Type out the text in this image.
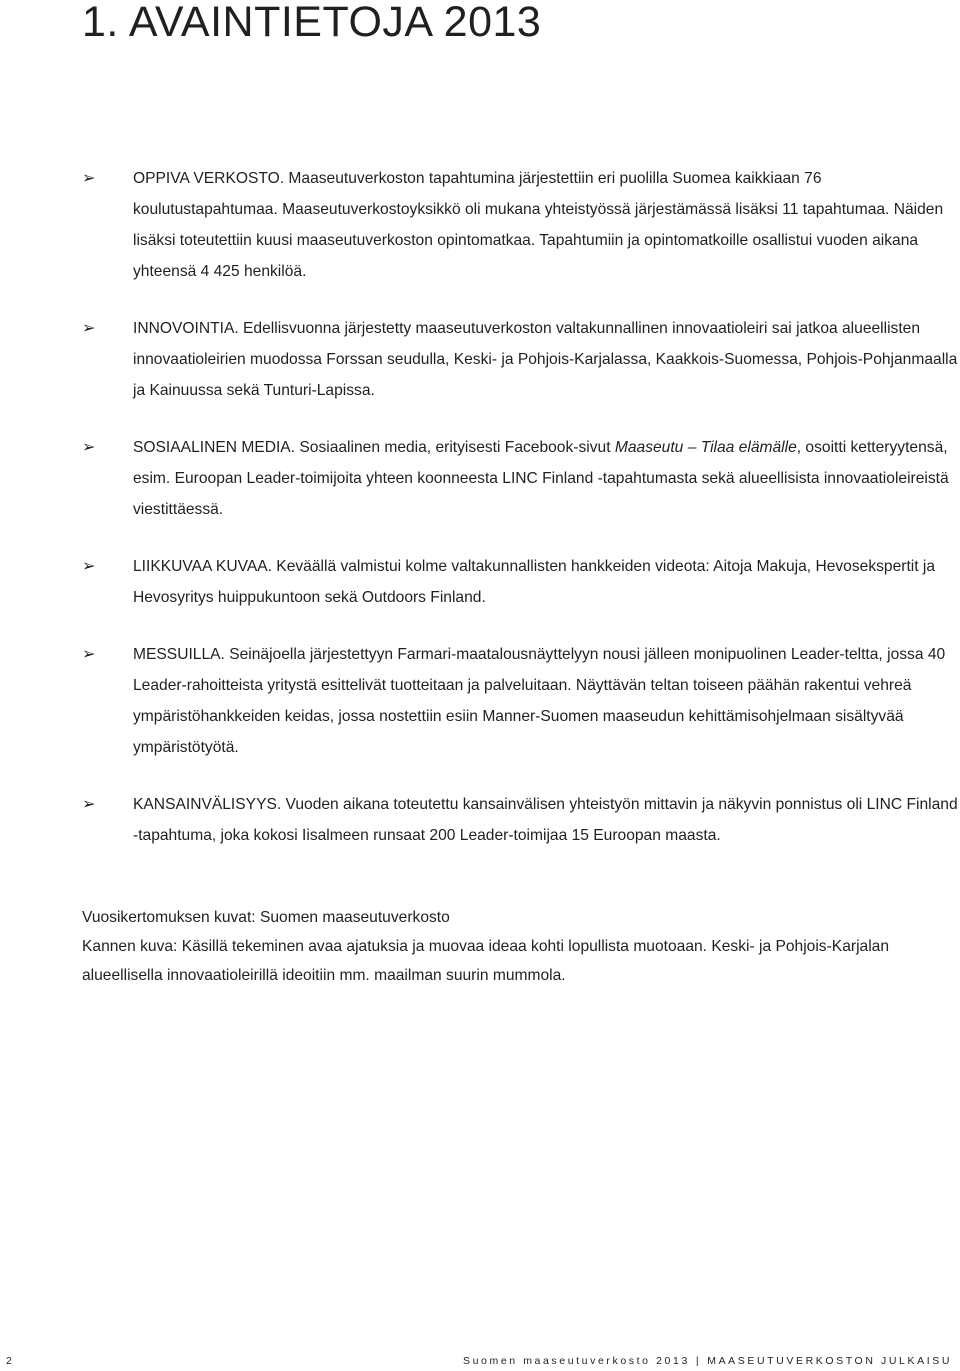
1. AVAINTIETOJA 2013
➢	OPPIVA VERKOSTO. Maaseutuverkoston tapahtumina järjestettiin eri puolilla Suomea kaikkiaan 76 koulutustapahtumaa. Maaseutuverkostoyksikkö oli mukana yhteistyössä järjestämässä lisäksi 11 tapahtumaa. Näiden lisäksi toteutettiin kuusi maaseutuverkoston opintomatkaa. Tapahtumiin ja opintomatkoille osallistui vuoden aikana yhteensä 4 425 henkilöä.
➢	INNOVOINTIA. Edellisvuonna järjestetty maaseutuverkoston valtakunnallinen innovaatioleiri sai jatkoa alueellisten innovaatioleirien muodossa Forssan seudulla, Keski- ja Pohjois-Karjalassa, Kaakkois-Suomessa, Pohjois-Pohjanmaalla ja Kainuussa sekä Tunturi-Lapissa.
➢	SOSIAALINEN MEDIA. Sosiaalinen media, erityisesti Facebook-sivut Maaseutu – Tilaa elämälle, osoitti ketteryytensä, esim. Euroopan Leader-toimijoita yhteen koonneesta LINC Finland -tapahtumasta sekä alueellisista innovaatioleireistä viestittäessä.
➢	LIIKKUVAA KUVAA. Keväällä valmistui kolme valtakunnallisten hankkeiden videota: Aitoja Makuja, Hevosekspertit ja Hevosyritys huippukuntoon sekä Outdoors Finland.
➢	MESSUILLA. Seinäjoella järjestettyyn Farmari-maatalousnäyttelyyn nousi jälleen monipuolinen Leader-teltta, jossa 40 Leader-rahoitteista yritystä esittelivät tuotteitaan ja palveluitaan. Näyttävän teltan toiseen päähän rakentui vehreä ympäristöhankkeiden keidas, jossa nostettiin esiin Manner-Suomen maaseudun kehittämisohjelmaan sisältyvää ympäristötyötä.
➢	KANSAINVÄLISYYS. Vuoden aikana toteutettu kansainvälisen yhteistyön mittavin ja näkyvin ponnistus oli LINC Finland -tapahtuma, joka kokosi Iisalmeen runsaat 200 Leader-toimijaa 15 Euroopan maasta.

Vuosikertomuksen kuvat: Suomen maaseutuverkosto

Kannen kuva: Käsillä tekeminen avaa ajatuksia ja muovaa ideaa kohti lopullista muotoaan. Keski- ja Pohjois-Karjalan alueellisella innovaatioleirillä ideoitiin mm. maailman suurin mummola.

2	Suomen maaseutuverkosto 2013 | MAASEUTUVERKOSTON JULKAISU
